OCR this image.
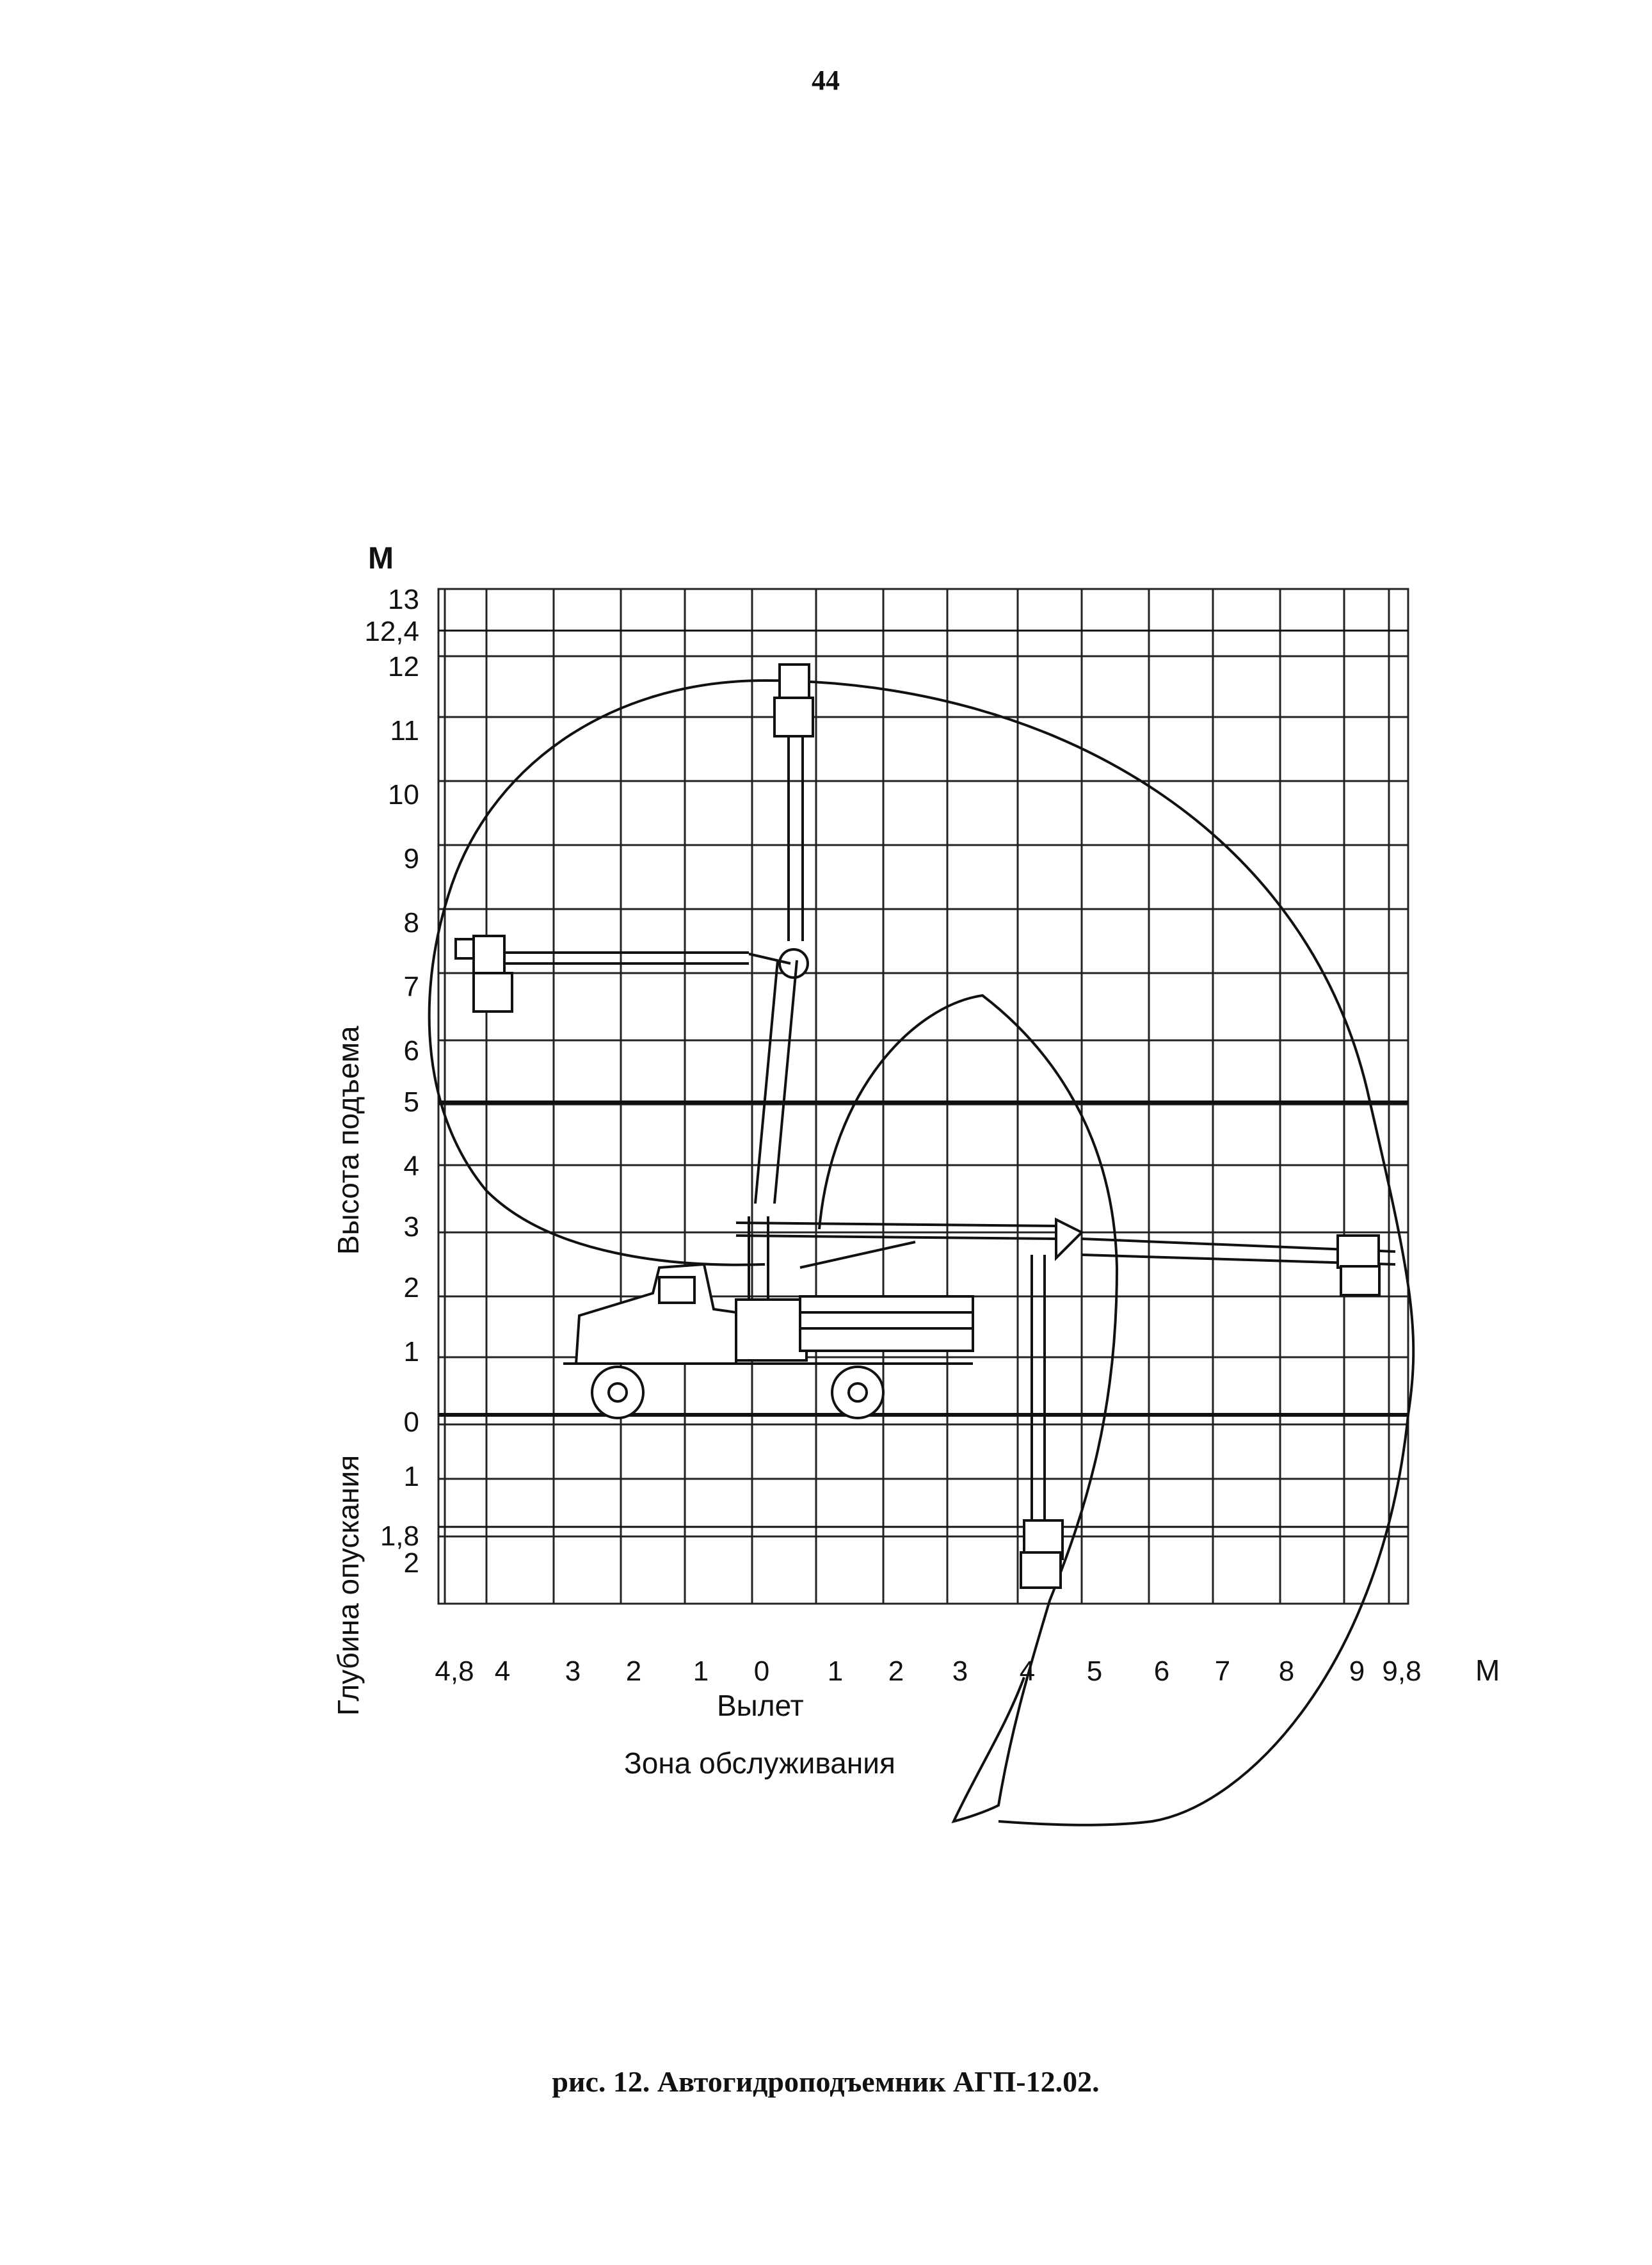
44
М
М
Вылет
Зона обслуживания
Высота подъема
Глубина опускания
13
12,4
12
11
10
9
8
7
6
5
4
3
2
1
0
1
1,8
2
4,8 4 3 2 1 0 1 2 3 4 5 6 7 8 9 9,8
рис. 12. Автогидроподъемник АГП-12.02.
